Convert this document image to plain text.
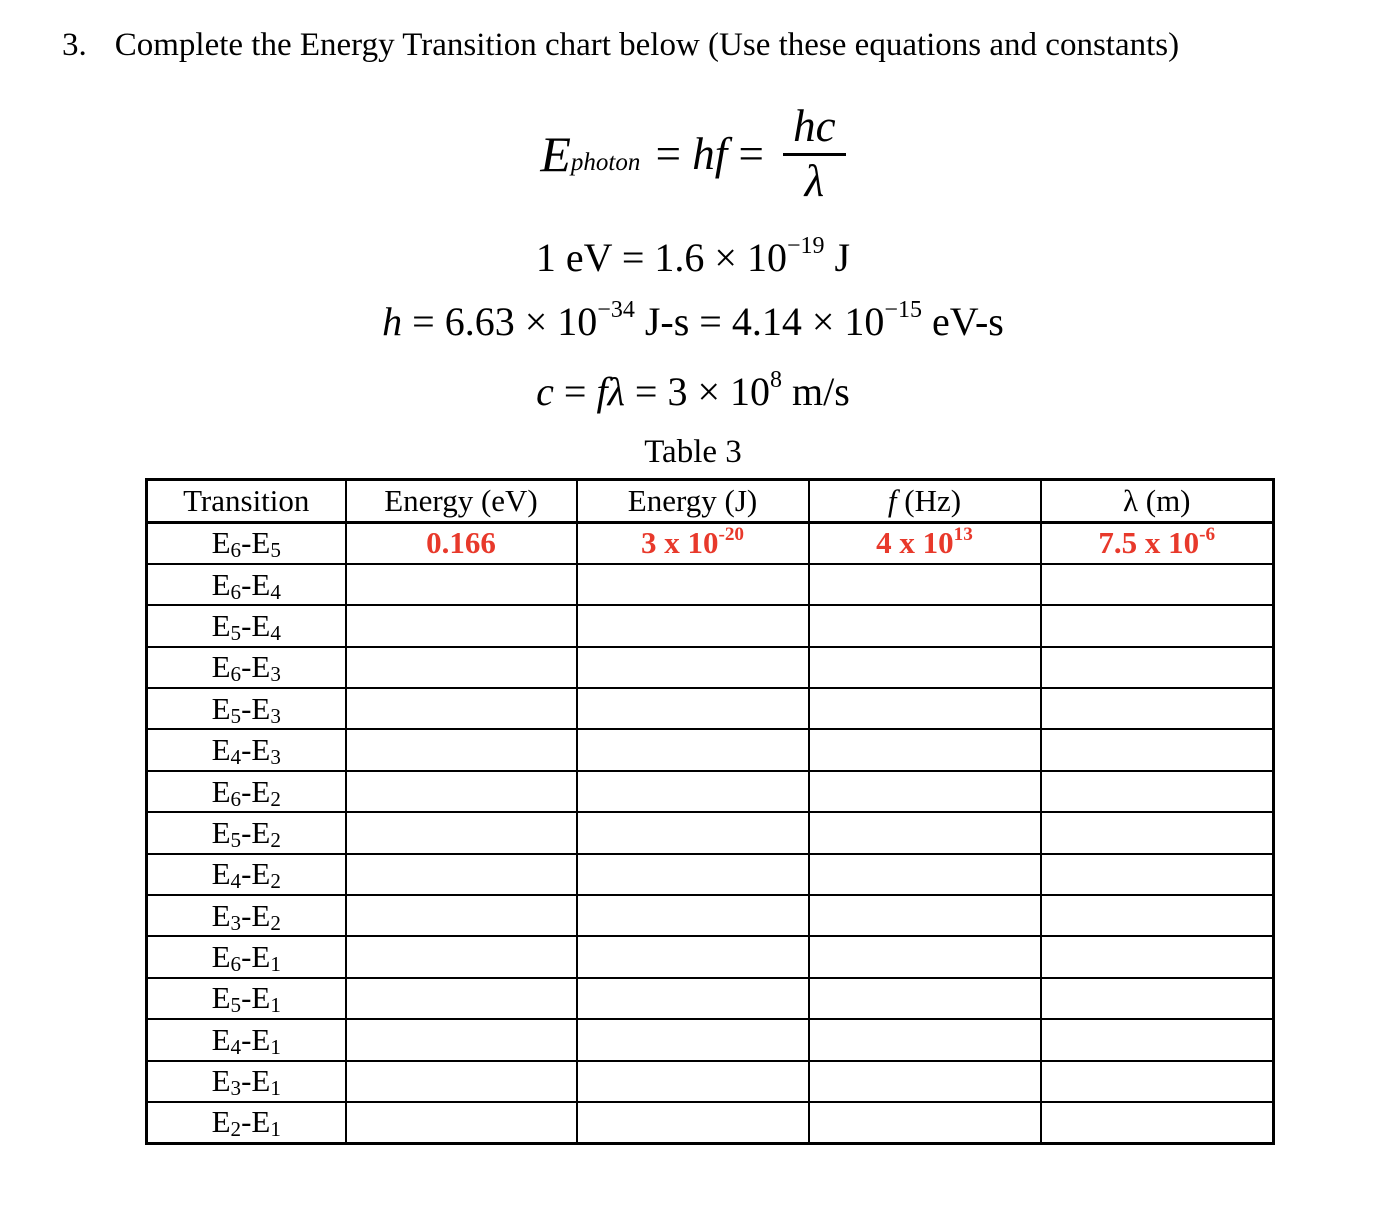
3. Complete the Energy Transition chart below (Use these equations and constants)
$E_{photon}$ = hf = $\frac{hc}{\lambda}$
1 eV = $1.6 \times 10^{-19}$ J
$h = 6.63 \times 10^{-34}$ $J-s = 4.14 \times 10^{-15}$ eV-s
$c = f\lambda = 3 \times 10^8$ m/s
Table 3
Transition	Energy (eV)	Energy (J)	f (Hz)	λ (m)
$E_6-E_5$	0.166	3 x $10^{-20}$	4 x $10^{13}$	7.5 x $10^{-6}$
$E_6-E_4$				
$E_5-E_4$				
$E_6-E_3$				
$E_5-E_3$				
$E_4-E_3$				
$E_6-E_2$				
$E_5-E_2$				
$E_4-E_2$				
$E_3-E_2$				
$E_6-E_1$				
$E_5-E_1$				
$E_4-E_1$				
$E_3-E_1$				
$E_2-E_1$				
